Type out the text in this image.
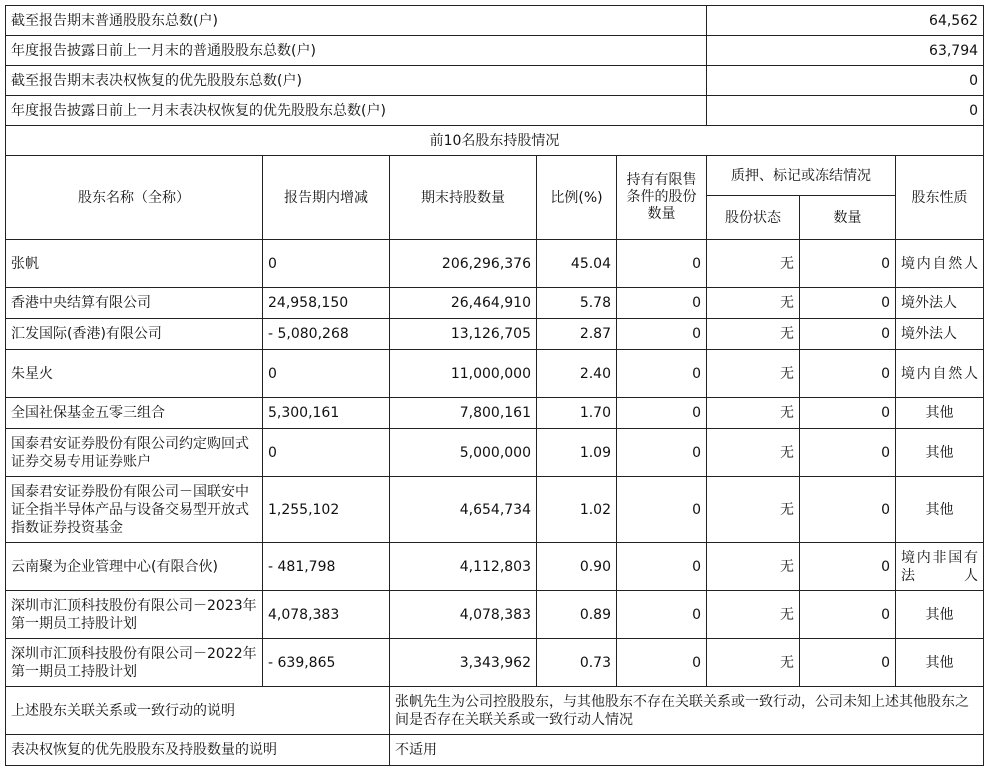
截至报告期末普通股股东总数(户)					64,562		
年度报告披露日前上一月末的普通股股东总数(户)					63,794		
截至报告期末表决权恢复的优先股股东总数(户)					0		
年度报告披露日前上一月末表决权恢复的优先股股东总数(户)					0		
前10名股东持股情况							
股东名称（全称）	报告期内增减	期末持股数量	比例(%)	持有有限售条件的股份数量	质押、标记或冻结情况		股东性质
					股份状态	数量	
张帆	0	206,296,376	45.04	0	无	0	境内自然人
香港中央结算有限公司	24,958,150	26,464,910	5.78	0	无	0	境外法人
汇发国际(香港)有限公司	- 5,080,268	13,126,705	2.87	0	无	0	境外法人
朱星火	0	11,000,000	2.40	0	无	0	境内自然人
全国社保基金五零三组合	5,300,161	7,800,161	1.70	0	无	0	其他
国泰君安证券股份有限公司约定购回式证券交易专用证券账户	0	5,000,000	1.09	0	无	0	其他
国泰君安证券股份有限公司－国联安中证全指半导体产品与设备交易型开放式指数证券投资基金	1,255,102	4,654,734	1.02	0	无	0	其他
云南聚为企业管理中心(有限合伙)	- 481,798	4,112,803	0.90	0	无	0	境内非国有法人
深圳市汇顶科技股份有限公司－2023年第一期员工持股计划	4,078,383	4,078,383	0.89	0	无	0	其他
深圳市汇顶科技股份有限公司－2022年第一期员工持股计划	- 639,865	3,343,962	0.73	0	无	0	其他
上述股东关联关系或一致行动的说明		张帆先生为公司控股股东，与其他股东不存在关联关系或一致行动，公司未知上述其他股东之间是否存在关联关系或一致行动人情况					
表决权恢复的优先股股东及持股数量的说明		不适用					
